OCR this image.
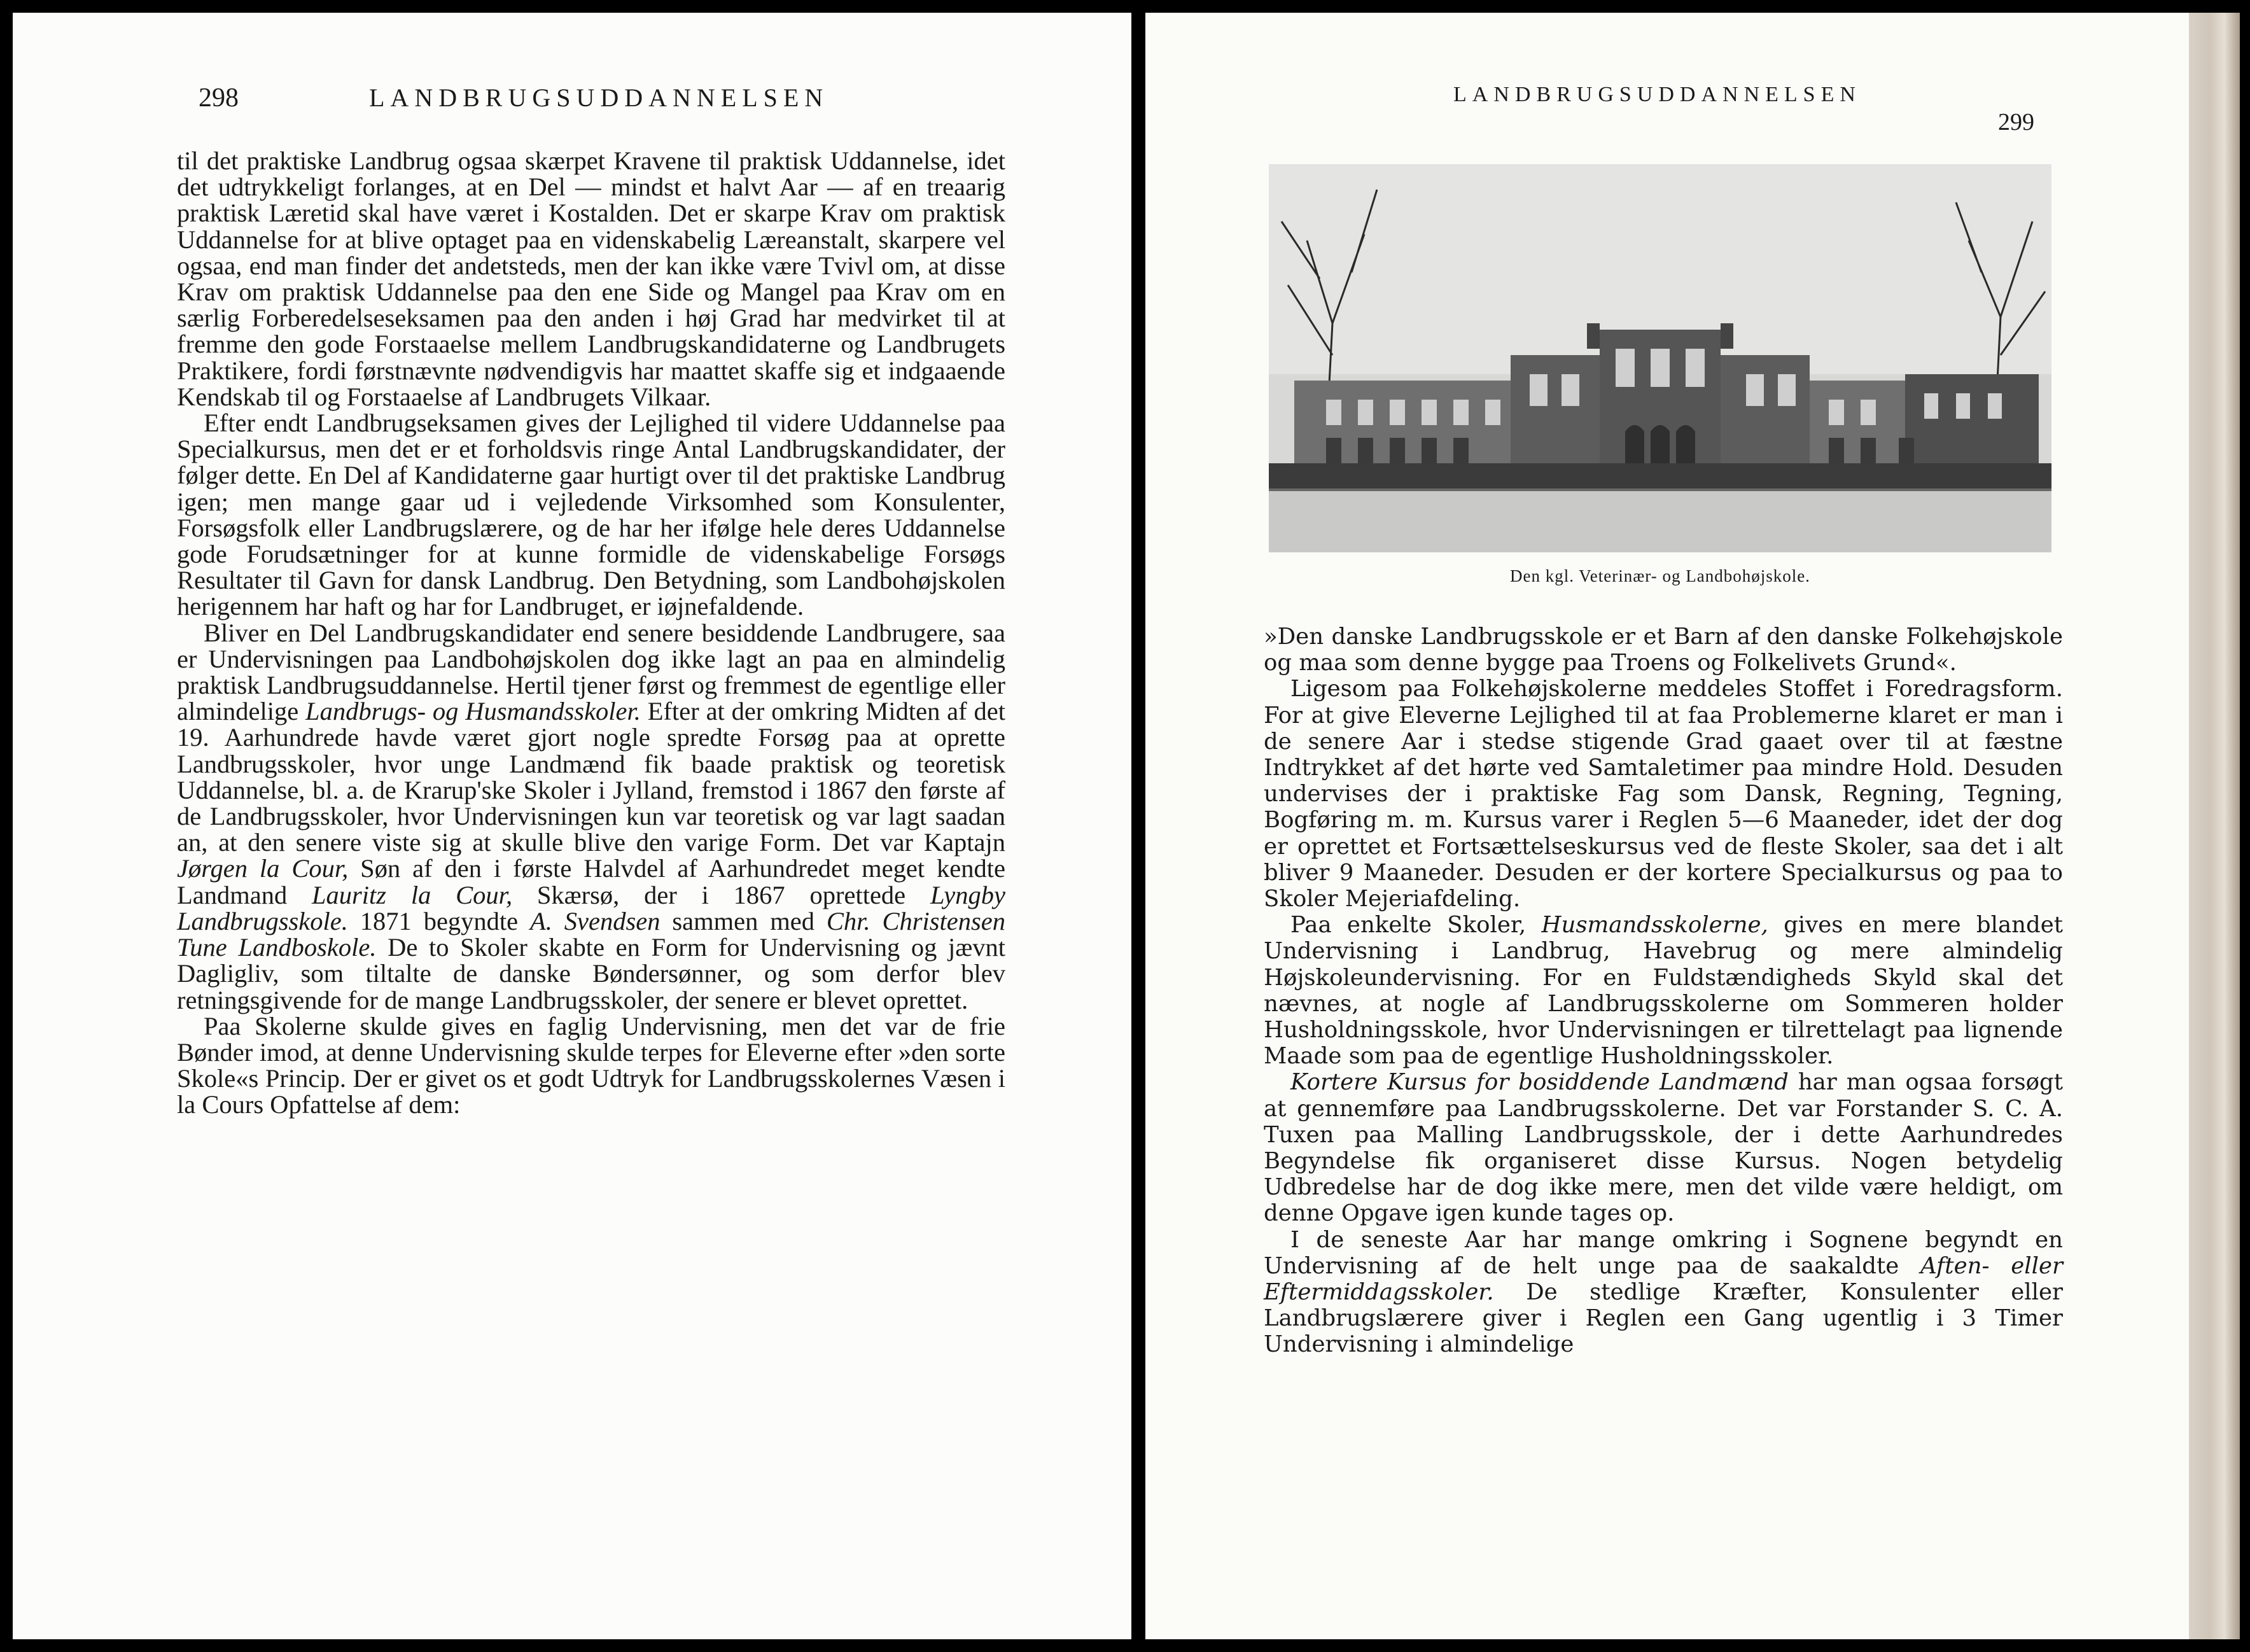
298	LANDBRUGSUDDANNELSEN

til det praktiske Landbrug ogsaa skærpet Kravene til praktisk Uddannelse, idet det udtrykkeligt forlanges, at en Del — mindst et halvt Aar — af en treaarig praktisk Læretid skal have været i Kostalden. Det er skarpe Krav om praktisk Uddannelse for at blive optaget paa en videnskabelig Læreanstalt, skarpere vel ogsaa, end man finder det andetsteds, men der kan ikke være Tvivl om, at disse Krav om praktisk Uddannelse paa den ene Side og Mangel paa Krav om en særlig Forberedelseseksamen paa den anden i høj Grad har medvirket til at fremme den gode Forstaaelse mellem Landbrugskandidaterne og Landbrugets Praktikere, fordi førstnævnte nødvendigvis har maattet skaffe sig et indgaaende Kendskab til og Forstaaelse af Landbrugets Vilkaar.

Efter endt Landbrugseksamen gives der Lejlighed til videre Uddannelse paa Specialkursus, men det er et forholdsvis ringe Antal Landbrugskandidater, der følger dette. En Del af Kandidaterne gaar hurtigt over til det praktiske Landbrug igen; men mange gaar ud i vejledende Virksomhed som Konsulenter, Forsøgsfolk eller Landbrugslærere, og de har her ifølge hele deres Uddannelse gode Forudsætninger for at kunne formidle de videnskabelige Forsøgs Resultater til Gavn for dansk Landbrug. Den Betydning, som Landbohøjskolen herigennem har haft og har for Landbruget, er iøjnefaldende.

Bliver en Del Landbrugskandidater end senere besiddende Landbrugere, saa er Undervisningen paa Landbohøjskolen dog ikke lagt an paa en almindelig praktisk Landbrugsuddannelse. Hertil tjener først og fremmest de egentlige eller almindelige Landbrugs- og Husmandsskoler. Efter at der omkring Midten af det 19. Aarhundrede havde været gjort nogle spredte Forsøg paa at oprette Landbrugsskoler, hvor unge Landmænd fik baade praktisk og teoretisk Uddannelse, bl. a. de Krarup'ske Skoler i Jylland, fremstod i 1867 den første af de Landbrugsskoler, hvor Undervisningen kun var teoretisk og var lagt saadan an, at den senere viste sig at skulle blive den varige Form. Det var Kaptajn Jørgen la Cour, Søn af den i første Halvdel af Aarhundredet meget kendte Landmand Lauritz la Cour, Skærsø, der i 1867 oprettede Lyngby Landbrugsskole. 1871 begyndte A. Svendsen sammen med Chr. Christensen Tune Landboskole. De to Skoler skabte en Form for Undervisning og jævnt Dagligliv, som tiltalte de danske Bøndersønner, og som derfor blev retningsgivende for de mange Landbrugsskoler, der senere er blevet oprettet.

Paa Skolerne skulde gives en faglig Undervisning, men det var de frie Bønder imod, at denne Undervisning skulde terpes for Eleverne efter »den sorte Skole«s Princip. Der er givet os et godt Udtryk for Landbrugsskolernes Væsen i la Cours Opfattelse af dem:

LANDBRUGSUDDANNELSEN
299
Den kgl. Veterinær- og Landbohøjskole.

»Den danske Landbrugsskole er et Barn af den danske Folkehøjskole og maa som denne bygge paa Troens og Folkelivets Grund«.

Ligesom paa Folkehøjskolerne meddeles Stoffet i Foredragsform. For at give Eleverne Lejlighed til at faa Problemerne klaret er man i de senere Aar i stedse stigende Grad gaaet over til at fæstne Indtrykket af det hørte ved Samtaletimer paa mindre Hold. Desuden undervises der i praktiske Fag som Dansk, Regning, Tegning, Bogføring m. m. Kursus varer i Reglen 5—6 Maaneder, idet der dog er oprettet et Fortsættelseskursus ved de fleste Skoler, saa det i alt bliver 9 Maaneder. Desuden er der kortere Specialkursus og paa to Skoler Mejeriafdeling.

Paa enkelte Skoler, Husmandsskolerne, gives en mere blandet Undervisning i Landbrug, Havebrug og mere almindelig Højskoleundervisning. For en Fuldstændigheds Skyld skal det nævnes, at nogle af Landbrugsskolerne om Sommeren holder Husholdningsskole, hvor Undervisningen er tilrettelagt paa lignende Maade som paa de egentlige Husholdningsskoler.

Kortere Kursus for bosiddende Landmænd har man ogsaa forsøgt at gennemføre paa Landbrugsskolerne. Det var Forstander S. C. A. Tuxen paa Malling Landbrugsskole, der i dette Aarhundredes Begyndelse fik organiseret disse Kursus. Nogen betydelig Udbredelse har de dog ikke mere, men det vilde være heldigt, om denne Opgave igen kunde tages op.

I de seneste Aar har mange omkring i Sognene begyndt en Undervisning af de helt unge paa de saakaldte Aften- eller Eftermiddagsskoler. De stedlige Kræfter, Konsulenter eller Landbrugslærere giver i Reglen een Gang ugentlig i 3 Timer Undervisning i almindelige
